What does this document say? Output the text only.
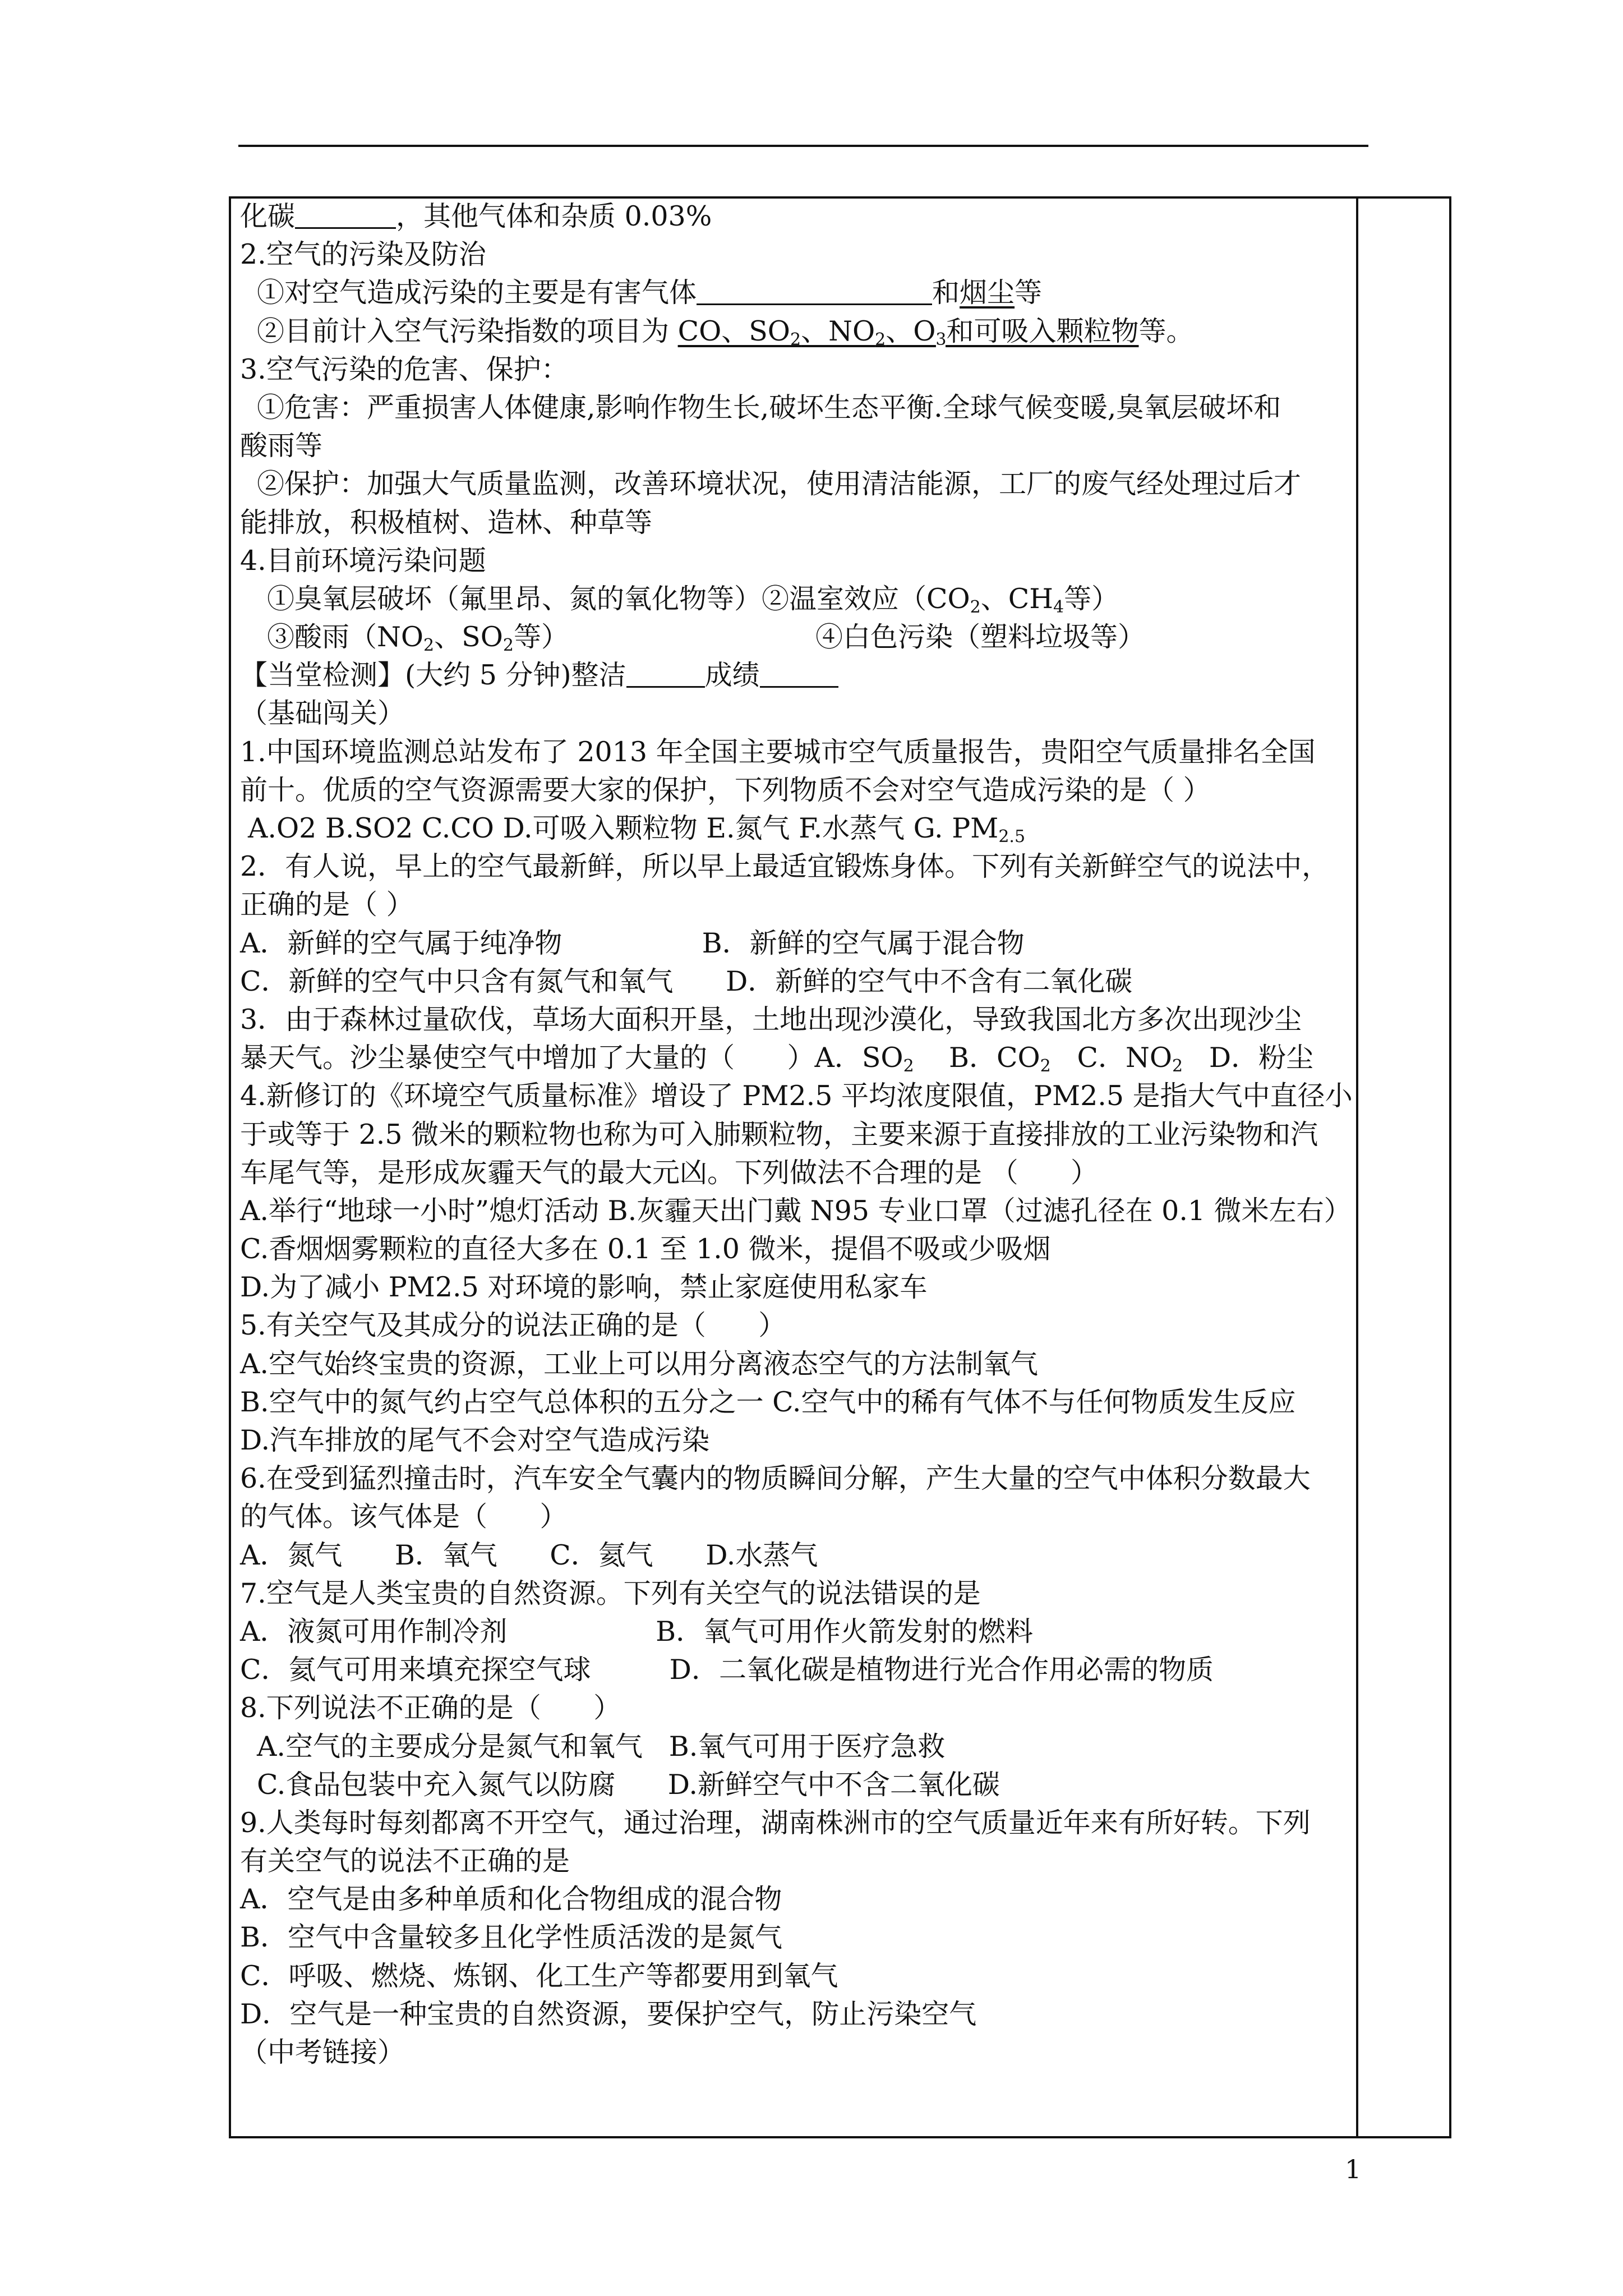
化碳	，其他气体和杂质 0.03%
2.空气的污染及防治
①对空气造成污染的主要是有害气体	和烟尘等
②目前计入空气污染指数的项目为 CO、$SO_2$、$NO_2$、$O_3$和可吸入颗粒物等。
3.空气污染的危害、保护：
①危害：严重损害人体健康,影响作物生长,破坏生态平衡.全球气候变暖,臭氧层破坏和
酸雨等
②保护：加强大气质量监测，改善环境状况，使用清洁能源，工厂的废气经处理过后才
能排放，积极植树、造林、种草等
4.目前环境污染问题
①臭氧层破坏（氟里昂、氮的氧化物等）②温室效应（$CO_2$、$CH_4$等）
③酸雨（$NO_2$、$SO_2$等）	④白色污染（塑料垃圾等）
【当堂检测】(大约 5 分钟)整洁	成绩
（基础闯关）
1.中国环境监测总站发布了 2013 年全国主要城市空气质量报告，贵阳空气质量排名全国
前十。优质的空气资源需要大家的保护，下列物质不会对空气造成污染的是（ ）
A.O2 B.SO2 C.CO D.可吸入颗粒物 E.氮气 F.水蒸气 G. $PM_{2.5}$
2．有人说，早上的空气最新鲜，所以早上最适宜锻炼身体。下列有关新鲜空气的说法中，
正确的是（ ）
A．新鲜的空气属于纯净物                B．新鲜的空气属于混合物
C．新鲜的空气中只含有氮气和氧气      D．新鲜的空气中不含有二氧化碳
3．由于森林过量砍伐，草场大面积开垦，土地出现沙漠化，导致我国北方多次出现沙尘
暴天气。沙尘暴使空气中增加了大量的（      ）A．$SO_2$    B．$CO_2$   C．$NO_2$   D．粉尘
4.新修订的《环境空气质量标准》增设了 PM2.5 平均浓度限值，PM2.5 是指大气中直径小
于或等于 2.5 微米的颗粒物也称为可入肺颗粒物，主要来源于直接排放的工业污染物和汽
车尾气等，是形成灰霾天气的最大元凶。下列做法不合理的是 （      ）
A.举行“地球一小时”熄灯活动 B.灰霾天出门戴 N95 专业口罩（过滤孔径在 0.1 微米左右）
C.香烟烟雾颗粒的直径大多在 0.1 至 1.0 微米，提倡不吸或少吸烟
D.为了减小 PM2.5 对环境的影响，禁止家庭使用私家车
5.有关空气及其成分的说法正确的是（      ）
A.空气始终宝贵的资源，工业上可以用分离液态空气的方法制氧气
B.空气中的氮气约占空气总体积的五分之一 C.空气中的稀有气体不与任何物质发生反应
D.汽车排放的尾气不会对空气造成污染
6.在受到猛烈撞击时，汽车安全气囊内的物质瞬间分解，产生大量的空气中体积分数最大
的气体。该气体是（      ）
A．氮气      B．氧气      C．氦气      D.水蒸气
7.空气是人类宝贵的自然资源。下列有关空气的说法错误的是
A．液氮可用作制冷剂                 B．氧气可用作火箭发射的燃料
C．氦气可用来填充探空气球         D．二氧化碳是植物进行光合作用必需的物质
8.下列说法不正确的是（      ）
A.空气的主要成分是氮气和氧气   B.氧气可用于医疗急救
C.食品包装中充入氮气以防腐      D.新鲜空气中不含二氧化碳
9.人类每时每刻都离不开空气，通过治理，湖南株洲市的空气质量近年来有所好转。下列
有关空气的说法不正确的是
A．空气是由多种单质和化合物组成的混合物
B．空气中含量较多且化学性质活泼的是氮气
C．呼吸、燃烧、炼钢、化工生产等都要用到氧气
D．空气是一种宝贵的自然资源，要保护空气，防止污染空气
（中考链接）
1
